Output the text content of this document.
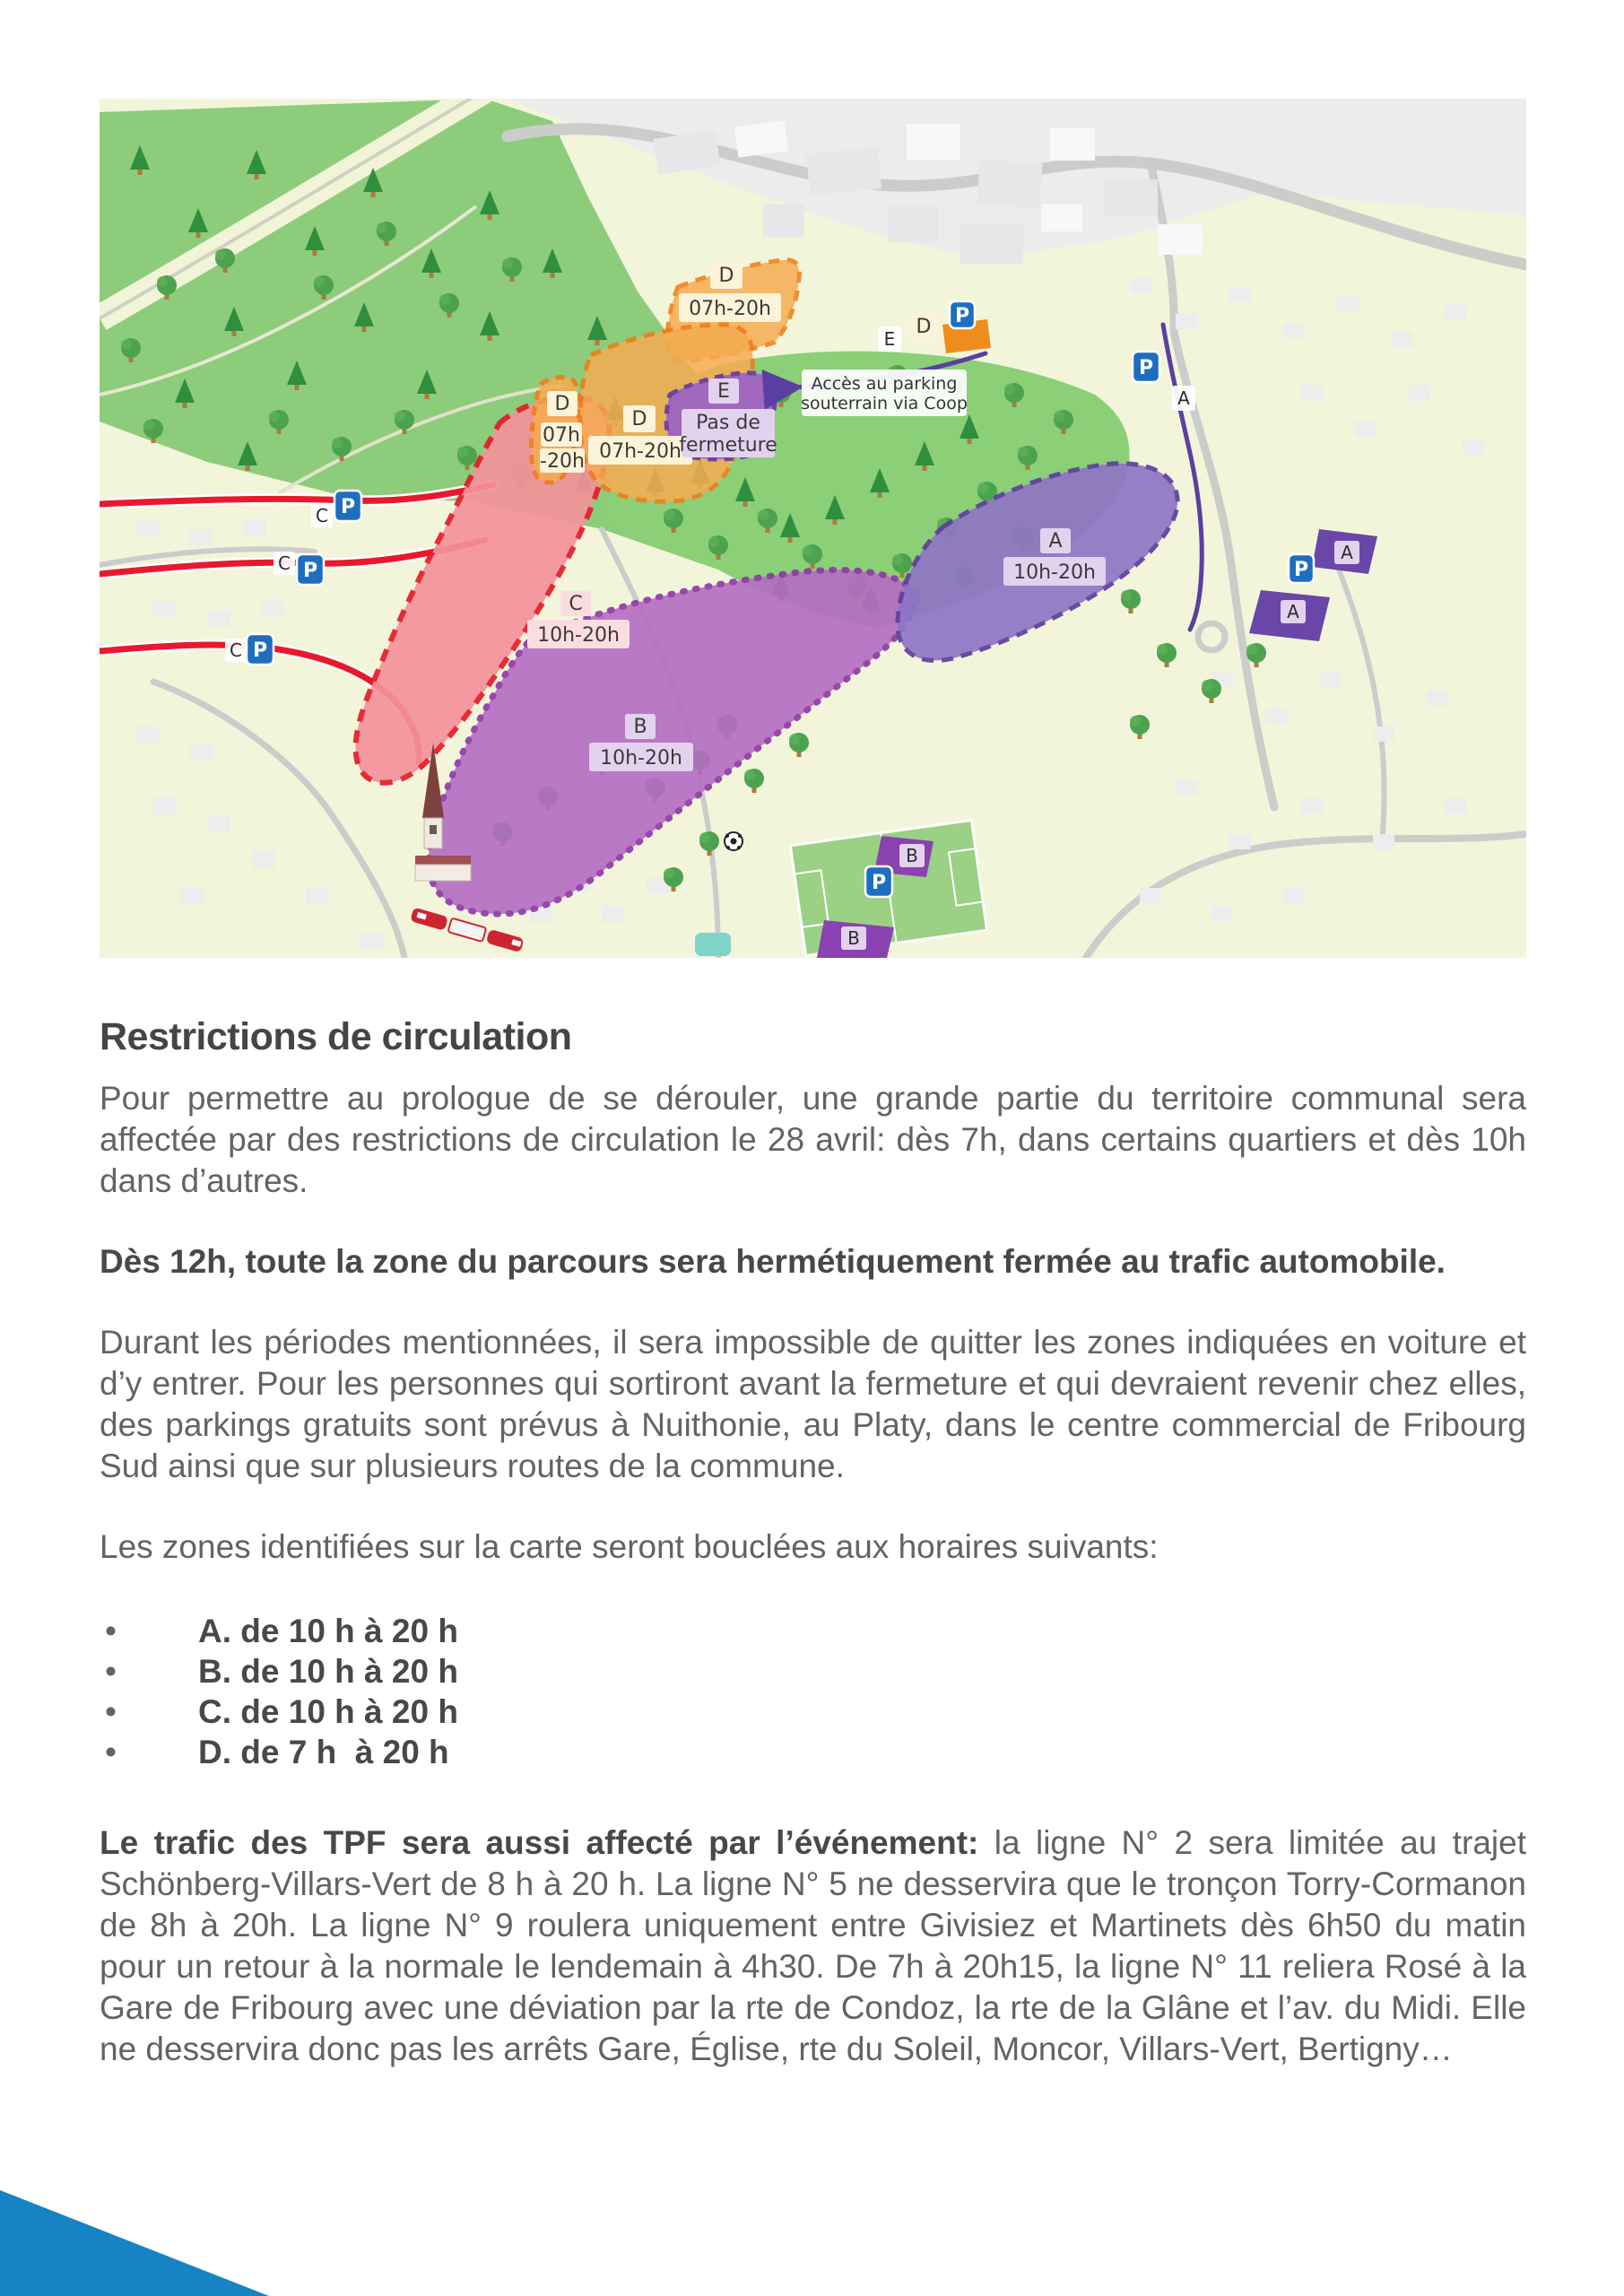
D
07h-20h
D
E
Accès au parking
souterrain via Coop
D
07h
-20h
D
07h-20h
E
Pas de
fermeture
C
10h-20h
A
10h-20h
B
10h-20h
C
C
C
A
A
A
B
B
P
P
P
P
P
P
P
Restrictions de circulation

Pour permettre au prologue de se dérouler, une grande partie du territoire communal sera affectée par des restrictions de circulation le 28 avril: dès 7h, dans certains quartiers et dès 10h dans d’autres.

Dès 12h, toute la zone du parcours sera hermétiquement fermée au trafic automobile.

Durant les périodes mentionnées, il sera impossible de quitter les zones indiquées en voiture et d’y entrer. Pour les personnes qui sortiront avant la fermeture et qui devraient revenir chez elles, des parkings gratuits sont prévus à Nuithonie, au Platy, dans le centre commercial de Fribourg Sud ainsi que sur plusieurs routes de la commune.

Les zones identifiées sur la carte seront bouclées aux horaires suivants:

• A. de 10 h à 20 h
• B. de 10 h à 20 h
• C. de 10 h à 20 h
• D. de 7 h  à 20 h

Le trafic des TPF sera aussi affecté par l’événement: la ligne N° 2 sera limitée au trajet Schönberg-Villars-Vert de 8 h à 20 h. La ligne N° 5 ne desservira que le tronçon Torry-Cormanon de 8h à 20h. La ligne N° 9 roulera uniquement entre Givisiez et Martinets dès 6h50 du matin pour un retour à la normale le lendemain à 4h30. De 7h à 20h15, la ligne N° 11 reliera Rosé à la Gare de Fribourg avec une déviation par la rte de Condoz, la rte de la Glâne et l’av. du Midi. Elle ne desservira donc pas les arrêts Gare, Église, rte du Soleil, Moncor, Villars-Vert, Bertigny…
